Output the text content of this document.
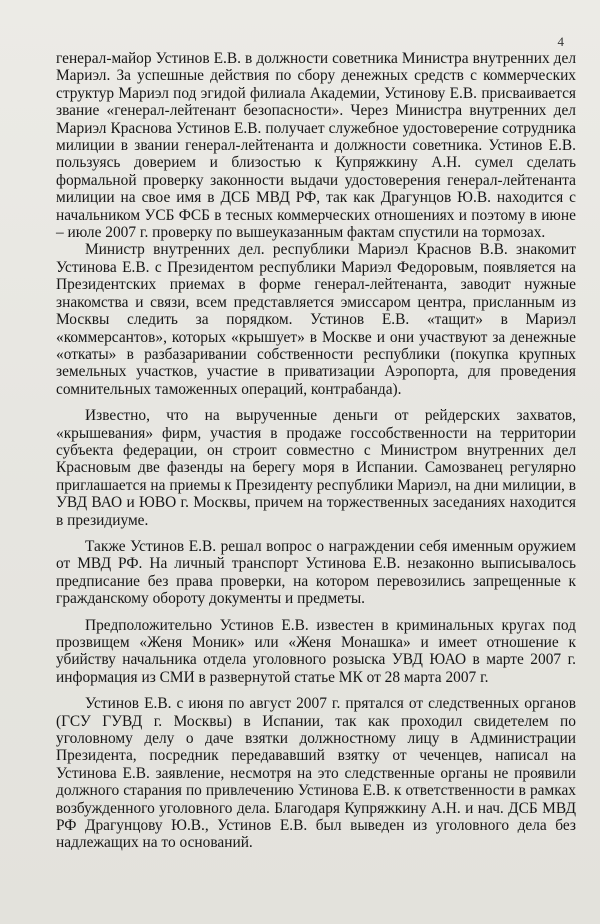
4

генерал-майор Устинов Е.В. в должности советника Министра внутренних дел Мариэл. За успешные действия по сбору денежных средств с коммерческих структур Мариэл под эгидой филиала Академии, Устинову Е.В. присваивается звание «генерал-лейтенант безопасности». Через Министра внутренних дел Мариэл Краснова Устинов Е.В. получает служебное удостоверение сотрудника милиции в звании генерал-лейтенанта и должности советника. Устинов Е.В. пользуясь доверием и близостью к Купряжкину А.Н. сумел сделать формальной проверку законности выдачи удостоверения генерал-лейтенанта милиции на свое имя в ДСБ МВД РФ, так как Драгунцов Ю.В. находится с начальником УСБ ФСБ в тесных коммерческих отношениях и поэтому в июне – июле 2007 г. проверку по вышеуказанным фактам спустили на тормозах.

Министр внутренних дел. республики Мариэл Краснов В.В. знакомит Устинова Е.В. с Президентом республики Мариэл Федоровым, появляется на Президентских приемах в форме генерал-лейтенанта, заводит нужные знакомства и связи, всем представляется эмиссаром центра, присланным из Москвы следить за порядком. Устинов Е.В. «тащит» в Мариэл «коммерсантов», которых «крышует» в Москве и они участвуют за денежные «откаты» в разбазаривании собственности республики (покупка крупных земельных участков, участие в приватизации Аэропорта, для проведения сомнительных таможенных операций, контрабанда).

Известно, что на вырученные деньги от рейдерских захватов, «крышевания» фирм, участия в продаже госсобственности на территории субъекта федерации, он строит совместно с Министром внутренних дел Красновым две фазенды на берегу моря в Испании. Самозванец регулярно приглашается на приемы к Президенту республики Мариэл, на дни милиции, в УВД ВАО и ЮВО г. Москвы, причем на торжественных заседаниях находится в президиуме.

Также Устинов Е.В. решал вопрос о награждении себя именным оружием от МВД РФ. На личный транспорт Устинова Е.В. незаконно выписывалось предписание без права проверки, на котором перевозились запрещенные к гражданскому обороту документы и предметы.

Предположительно Устинов Е.В. известен в криминальных кругах под прозвищем «Женя Моник» или «Женя Монашка» и имеет отношение к убийству начальника отдела уголовного розыска УВД ЮАО в марте 2007 г. информация из СМИ в развернутой статье МК от 28 марта 2007 г.

Устинов Е.В. с июня по август 2007 г. прятался от следственных органов (ГСУ ГУВД г. Москвы) в Испании, так как проходил свидетелем по уголовному делу о даче взятки должностному лицу в Администрации Президента, посредник передававший взятку от чеченцев, написал на Устинова Е.В. заявление, несмотря на это следственные органы не проявили должного старания по привлечению Устинова Е.В. к ответственности в рамках возбужденного уголовного дела. Благодаря Купряжкину А.Н. и нач. ДСБ МВД РФ Драгунцову Ю.В., Устинов Е.В. был выведен из уголовного дела без надлежащих на то оснований.
